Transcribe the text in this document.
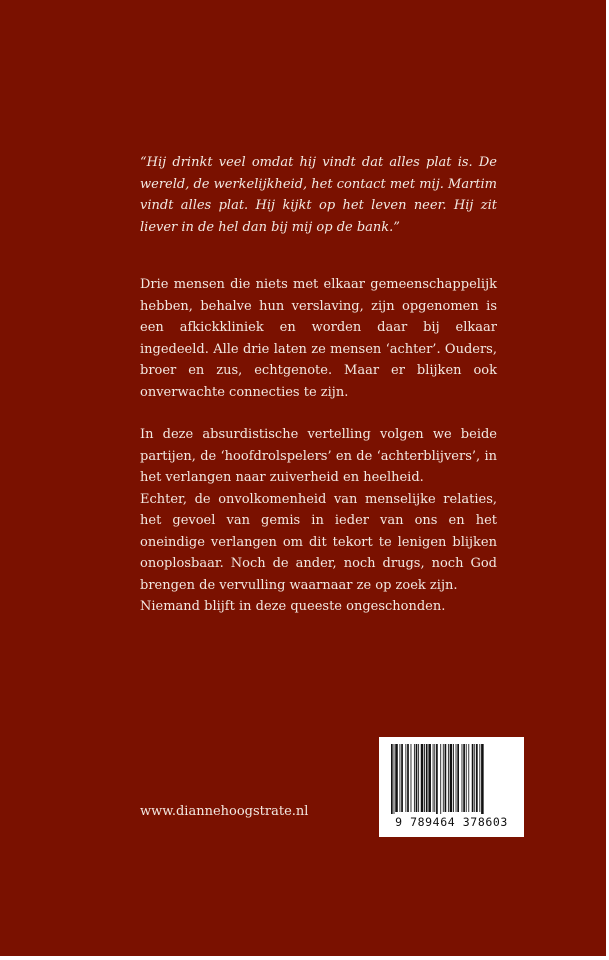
“Hij drinkt veel omdat hij vindt dat alles plat is. De wereld, de werkelijkheid, het contact met mij. Martim vindt alles plat. Hij kijkt op het leven neer. Hij zit liever in de hel dan bij mij op de bank.”

Drie mensen die niets met elkaar gemeenschappelijk hebben, behalve hun verslaving, zijn opgenomen is een afkickkliniek en worden daar bij elkaar ingedeeld. Alle drie laten ze mensen ‘achter’. Ouders, broer en zus, echtgenote. Maar er blijken ook onverwachte connecties te zijn.

In deze absurdistische vertelling volgen we beide partijen, de ‘hoofdrolspelers’ en de ‘achterblijvers’, in het verlangen naar zuiverheid en heelheid.

Echter, de onvolkomenheid van menselijke relaties, het gevoel van gemis in ieder van ons en het oneindige verlangen om dit tekort te lenigen blijken onoplosbaar. Noch de ander, noch drugs, noch God brengen de vervulling waarnaar ze op zoek zijn.

Niemand blijft in deze queeste ongeschonden.

www.diannehoogstrate.nl

9 789464 378603
